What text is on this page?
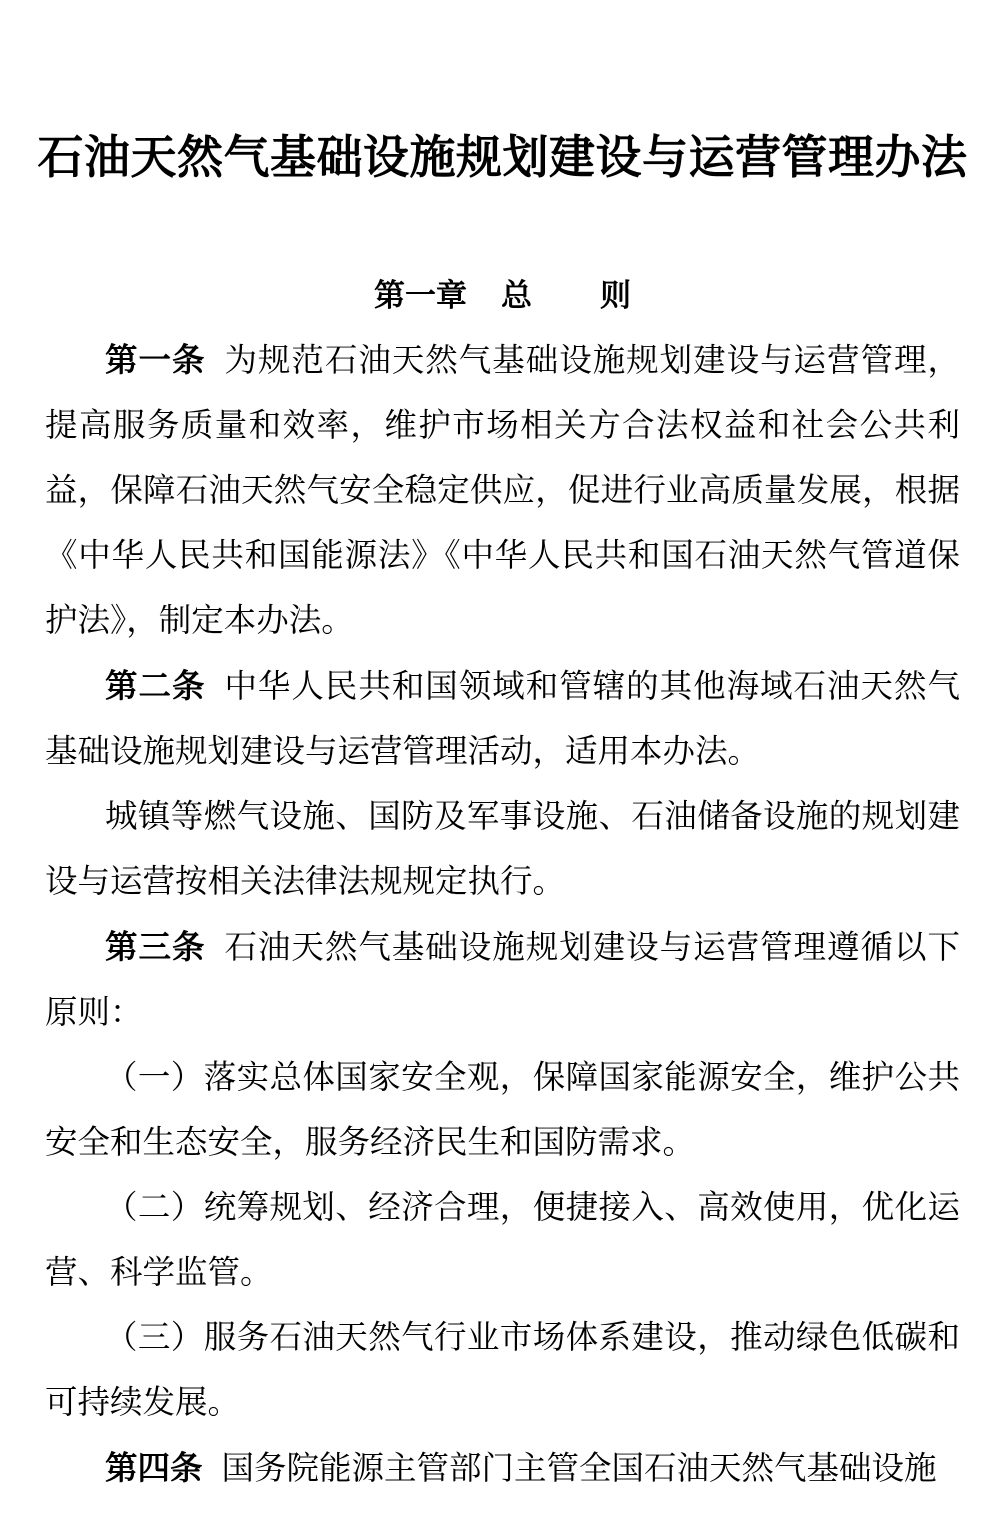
石油天然气基础设施规划建设与运营管理办法
第一章 总则

第一条 为规范石油天然气基础设施规划建设与运营管理，提高服务质量和效率，维护市场相关方合法权益和社会公共利益，保障石油天然气安全稳定供应，促进行业高质量发展，根据《中华人民共和国能源法》《中华人民共和国石油天然气管道保护法》，制定本办法。

第二条 中华人民共和国领域和管辖的其他海域石油天然气基础设施规划建设与运营管理活动，适用本办法。

城镇等燃气设施、国防及军事设施、石油储备设施的规划建设与运营按相关法律法规规定执行。

第三条 石油天然气基础设施规划建设与运营管理遵循以下原则：

（一）落实总体国家安全观，保障国家能源安全，维护公共安全和生态安全，服务经济民生和国防需求。

（二）统筹规划、经济合理，便捷接入、高效使用，优化运营、科学监管。

（三）服务石油天然气行业市场体系建设，推动绿色低碳和可持续发展。

第四条 国务院能源主管部门主管全国石油天然气基础设施
